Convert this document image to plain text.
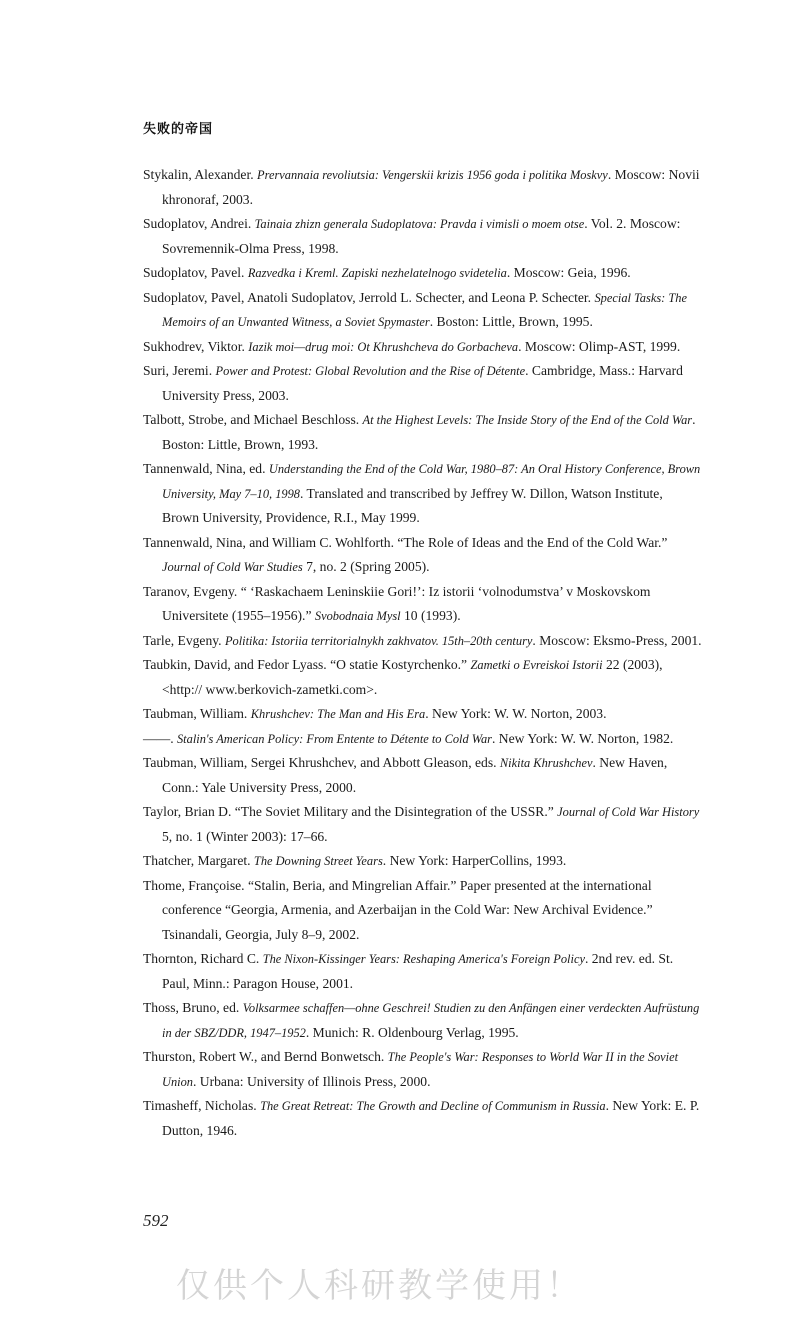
失败的帝国

Stykalin, Alexander. Prervannaia revoliutsia: Vengerskii krizis 1956 goda i politika Moskvy. Moscow: Novii khronoraf, 2003.

Sudoplatov, Andrei. Tainaia zhizn generala Sudoplatova: Pravda i vimisli o moem otse. Vol. 2. Moscow: Sovremennik-Olma Press, 1998.

Sudoplatov, Pavel. Razvedka i Kreml. Zapiski nezhelatelnogo svidetelia. Moscow: Geia, 1996.

Sudoplatov, Pavel, Anatoli Sudoplatov, Jerrold L. Schecter, and Leona P. Schecter. Special Tasks: The Memoirs of an Unwanted Witness, a Soviet Spymaster. Boston: Little, Brown, 1995.

Sukhodrev, Viktor. Iazik moi—drug moi: Ot Khrushcheva do Gorbacheva. Moscow: Olimp-AST, 1999.

Suri, Jeremi. Power and Protest: Global Revolution and the Rise of Détente. Cambridge, Mass.: Harvard University Press, 2003.

Talbott, Strobe, and Michael Beschloss. At the Highest Levels: The Inside Story of the End of the Cold War. Boston: Little, Brown, 1993.

Tannenwald, Nina, ed. Understanding the End of the Cold War, 1980–87: An Oral History Conference, Brown University, May 7–10, 1998. Translated and transcribed by Jeffrey W. Dillon, Watson Institute, Brown University, Providence, R.I., May 1999.

Tannenwald, Nina, and William C. Wohlforth. “The Role of Ideas and the End of the Cold War.” Journal of Cold War Studies 7, no. 2 (Spring 2005).

Taranov, Evgeny. “ ‘Raskachaem Leninskiie Gori!’: Iz istorii ‘volnodumstva’ v Moskovskom Universitete (1955–1956).” Svobodnaia Mysl 10 (1993).

Tarle, Evgeny. Politika: Istoriia territorialnykh zakhvatov. 15th–20th century. Moscow: Eksmo-Press, 2001.

Taubkin, David, and Fedor Lyass. “O statie Kostyrchenko.” Zametki o Evreiskoi Istorii 22 (2003), <http:// www.berkovich-zametki.com>.

Taubman, William. Khrushchev: The Man and His Era. New York: W. W. Norton, 2003.

——. Stalin's American Policy: From Entente to Détente to Cold War. New York: W. W. Norton, 1982.

Taubman, William, Sergei Khrushchev, and Abbott Gleason, eds. Nikita Khrushchev. New Haven, Conn.: Yale University Press, 2000.

Taylor, Brian D. “The Soviet Military and the Disintegration of the USSR.” Journal of Cold War History 5, no. 1 (Winter 2003): 17–66.

Thatcher, Margaret. The Downing Street Years. New York: HarperCollins, 1993.

Thome, Françoise. “Stalin, Beria, and Mingrelian Affair.” Paper presented at the international conference “Georgia, Armenia, and Azerbaijan in the Cold War: New Archival Evidence.” Tsinandali, Georgia, July 8–9, 2002.

Thornton, Richard C. The Nixon-Kissinger Years: Reshaping America's Foreign Policy. 2nd rev. ed. St. Paul, Minn.: Paragon House, 2001.

Thoss, Bruno, ed. Volksarmee schaffen—ohne Geschrei! Studien zu den Anfängen einer verdeckten Aufrüstung in der SBZ/DDR, 1947–1952. Munich: R. Oldenbourg Verlag, 1995.

Thurston, Robert W., and Bernd Bonwetsch. The People's War: Responses to World War II in the Soviet Union. Urbana: University of Illinois Press, 2000.

Timasheff, Nicholas. The Great Retreat: The Growth and Decline of Communism in Russia. New York: E. P. Dutton, 1946.

592
仅供个人科研教学使用！
